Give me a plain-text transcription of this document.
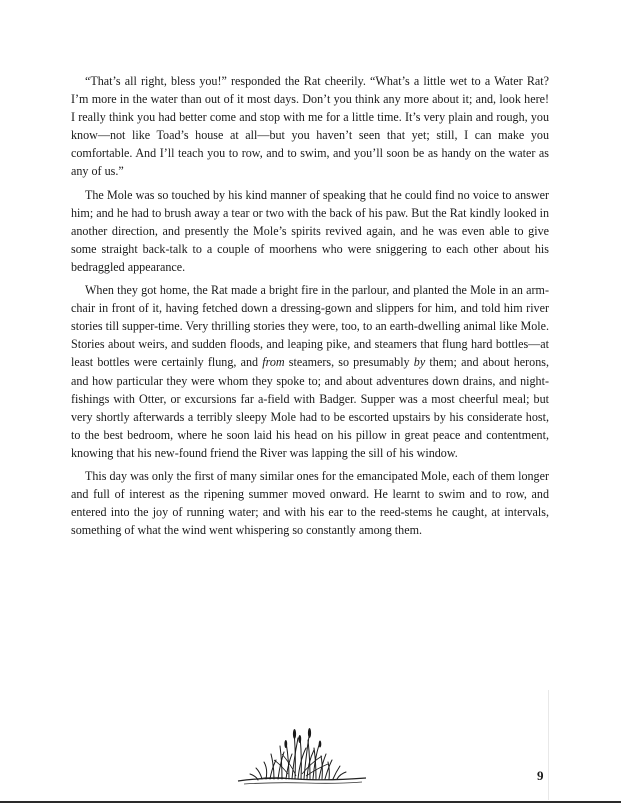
“That’s all right, bless you!” responded the Rat cheerily. “What’s a little wet to a Water Rat? I’m more in the water than out of it most days. Don’t you think any more about it; and, look here! I really think you had better come and stop with me for a little time. It’s very plain and rough, you know—not like Toad’s house at all—but you haven’t seen that yet; still, I can make you comfortable. And I’ll teach you to row, and to swim, and you’ll soon be as handy on the water as any of us.”

The Mole was so touched by his kind manner of speaking that he could find no voice to answer him; and he had to brush away a tear or two with the back of his paw. But the Rat kindly looked in another direction, and presently the Mole’s spirits revived again, and he was even able to give some straight back-talk to a couple of moorhens who were sniggering to each other about his bedraggled appearance.

When they got home, the Rat made a bright fire in the parlour, and planted the Mole in an arm-chair in front of it, having fetched down a dressing-gown and slippers for him, and told him river stories till supper-time. Very thrilling stories they were, too, to an earth-dwelling animal like Mole. Stories about weirs, and sudden floods, and leaping pike, and steamers that flung hard bottles—at least bottles were certainly flung, and from steamers, so presumably by them; and about herons, and how particular they were whom they spoke to; and about adventures down drains, and night-fishings with Otter, or excursions far a-field with Badger. Supper was a most cheerful meal; but very shortly afterwards a terribly sleepy Mole had to be escorted upstairs by his considerate host, to the best bedroom, where he soon laid his head on his pillow in great peace and contentment, knowing that his new-found friend the River was lapping the sill of his window.

This day was only the first of many similar ones for the emancipated Mole, each of them longer and full of interest as the ripening summer moved onward. He learnt to swim and to row, and entered into the joy of running water; and with his ear to the reed-stems he caught, at intervals, something of what the wind went whispering so constantly among them.

9
